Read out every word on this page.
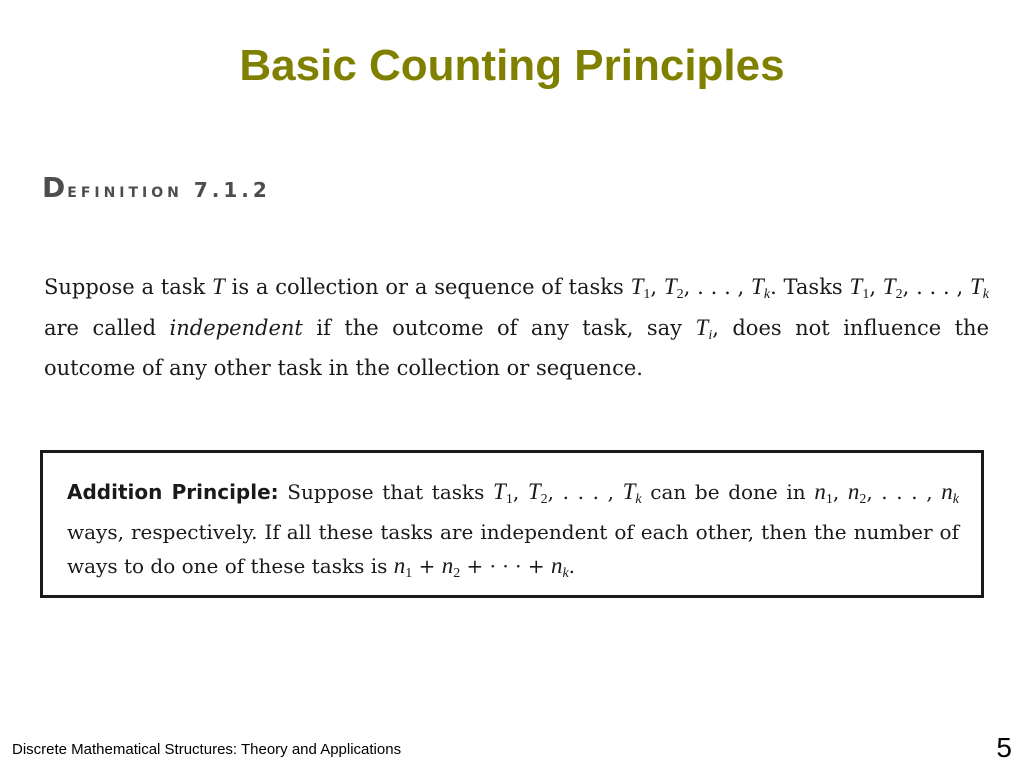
Basic Counting Principles
Definition 7.1.2
Suppose a task T is a collection or a sequence of tasks $T_1$, $T_2$, . . . , $T_k$. Tasks $T_1$, $T_2$, . . . , $T_k$ are called independent if the outcome of any task, say $T_i$, does not influence the outcome of any other task in the collection or sequence.
Addition Principle: Suppose that tasks $T_1$, $T_2$, . . . , $T_k$ can be done in $n_1$, $n_2$, . . . , $n_k$ ways, respectively. If all these tasks are independent of each other, then the number of ways to do one of these tasks is $n_1 + n_2$ + · · · + $n_k$.
Discrete Mathematical Structures: Theory and Applications	5
